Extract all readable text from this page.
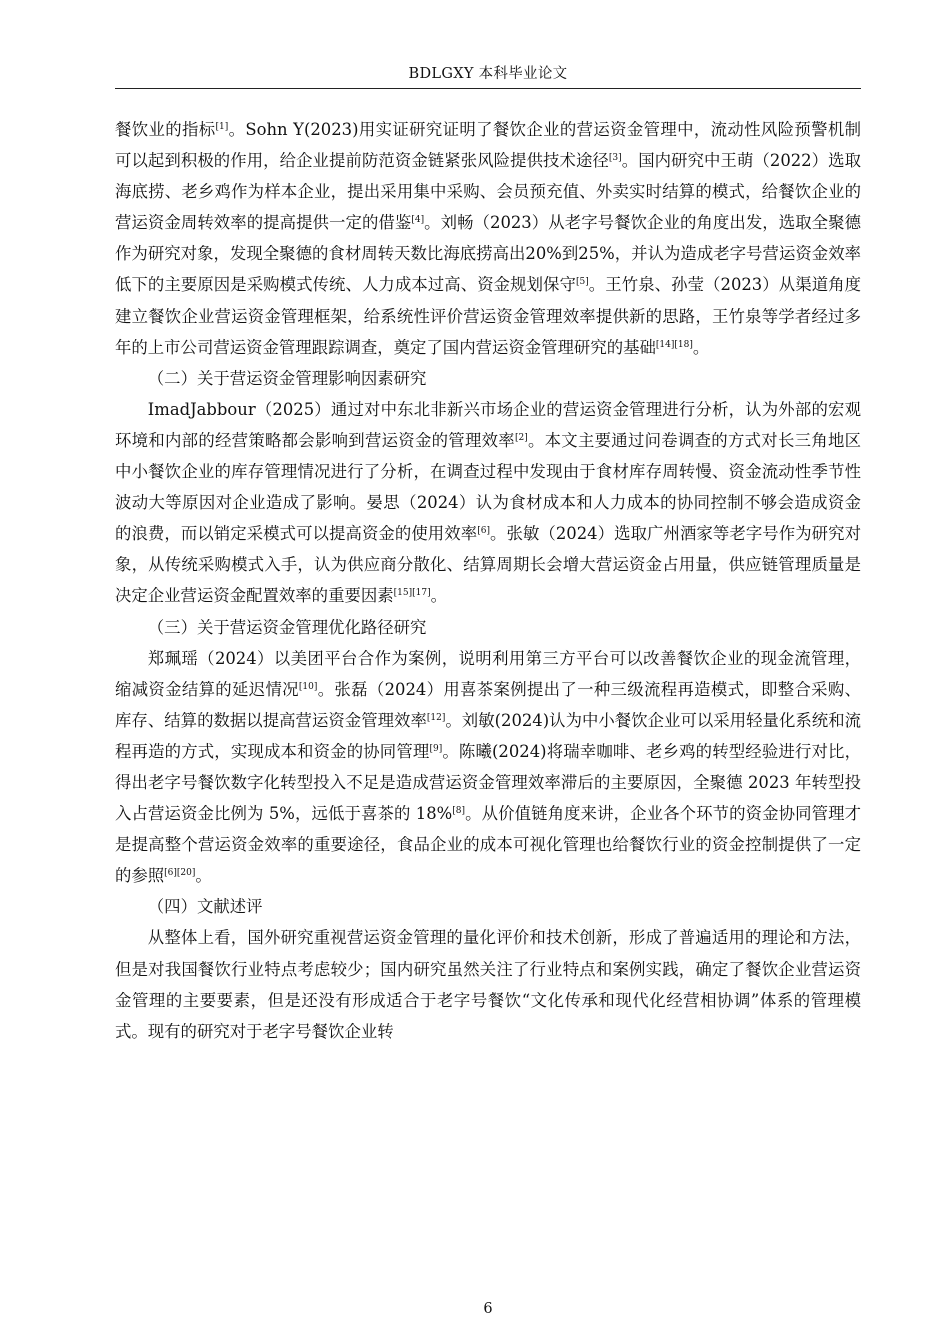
BDLGXY 本科毕业论文

餐饮业的指标[1]。Sohn Y(2023)用实证研究证明了餐饮企业的营运资金管理中，流动性风险预警机制可以起到积极的作用，给企业提前防范资金链紧张风险提供技术途径[3]。国内研究中王萌（2022）选取海底捞、老乡鸡作为样本企业，提出采用集中采购、会员预充值、外卖实时结算的模式，给餐饮企业的营运资金周转效率的提高提供一定的借鉴[4]。刘畅（2023）从老字号餐饮企业的角度出发，选取全聚德作为研究对象，发现全聚德的食材周转天数比海底捞高出20%到25%，并认为造成老字号营运资金效率低下的主要原因是采购模式传统、人力成本过高、资金规划保守[5]。王竹泉、孙莹（2023）从渠道角度建立餐饮企业营运资金管理框架，给系统性评价营运资金管理效率提供新的思路，王竹泉等学者经过多年的上市公司营运资金管理跟踪调查，奠定了国内营运资金管理研究的基础[14][18]。

（二）关于营运资金管理影响因素研究

ImadJabbour（2025）通过对中东北非新兴市场企业的营运资金管理进行分析，认为外部的宏观环境和内部的经营策略都会影响到营运资金的管理效率[2]。本文主要通过问卷调查的方式对长三角地区中小餐饮企业的库存管理情况进行了分析，在调查过程中发现由于食材库存周转慢、资金流动性季节性波动大等原因对企业造成了影响。晏思（2024）认为食材成本和人力成本的协同控制不够会造成资金的浪费，而以销定采模式可以提高资金的使用效率[6]。张敏（2024）选取广州酒家等老字号作为研究对象，从传统采购模式入手，认为供应商分散化、结算周期长会增大营运资金占用量，供应链管理质量是决定企业营运资金配置效率的重要因素[15][17]。

（三）关于营运资金管理优化路径研究

郑珮瑶（2024）以美团平台合作为案例，说明利用第三方平台可以改善餐饮企业的现金流管理，缩减资金结算的延迟情况[10]。张磊（2024）用喜茶案例提出了一种三级流程再造模式，即整合采购、库存、结算的数据以提高营运资金管理效率[12]。刘敏(2024)认为中小餐饮企业可以采用轻量化系统和流程再造的方式，实现成本和资金的协同管理[9]。陈曦(2024)将瑞幸咖啡、老乡鸡的转型经验进行对比，得出老字号餐饮数字化转型投入不足是造成营运资金管理效率滞后的主要原因，全聚德 2023 年转型投入占营运资金比例为 5%，远低于喜茶的 18%[8]。从价值链角度来讲，企业各个环节的资金协同管理才是提高整个营运资金效率的重要途径，食品企业的成本可视化管理也给餐饮行业的资金控制提供了一定的参照[6][20]。

（四）文献述评

从整体上看，国外研究重视营运资金管理的量化评价和技术创新，形成了普遍适用的理论和方法，但是对我国餐饮行业特点考虑较少；国内研究虽然关注了行业特点和案例实践，确定了餐饮企业营运资金管理的主要要素，但是还没有形成适合于老字号餐饮“文化传承和现代化经营相协调”体系的管理模式。现有的研究对于老字号餐饮企业转

6
